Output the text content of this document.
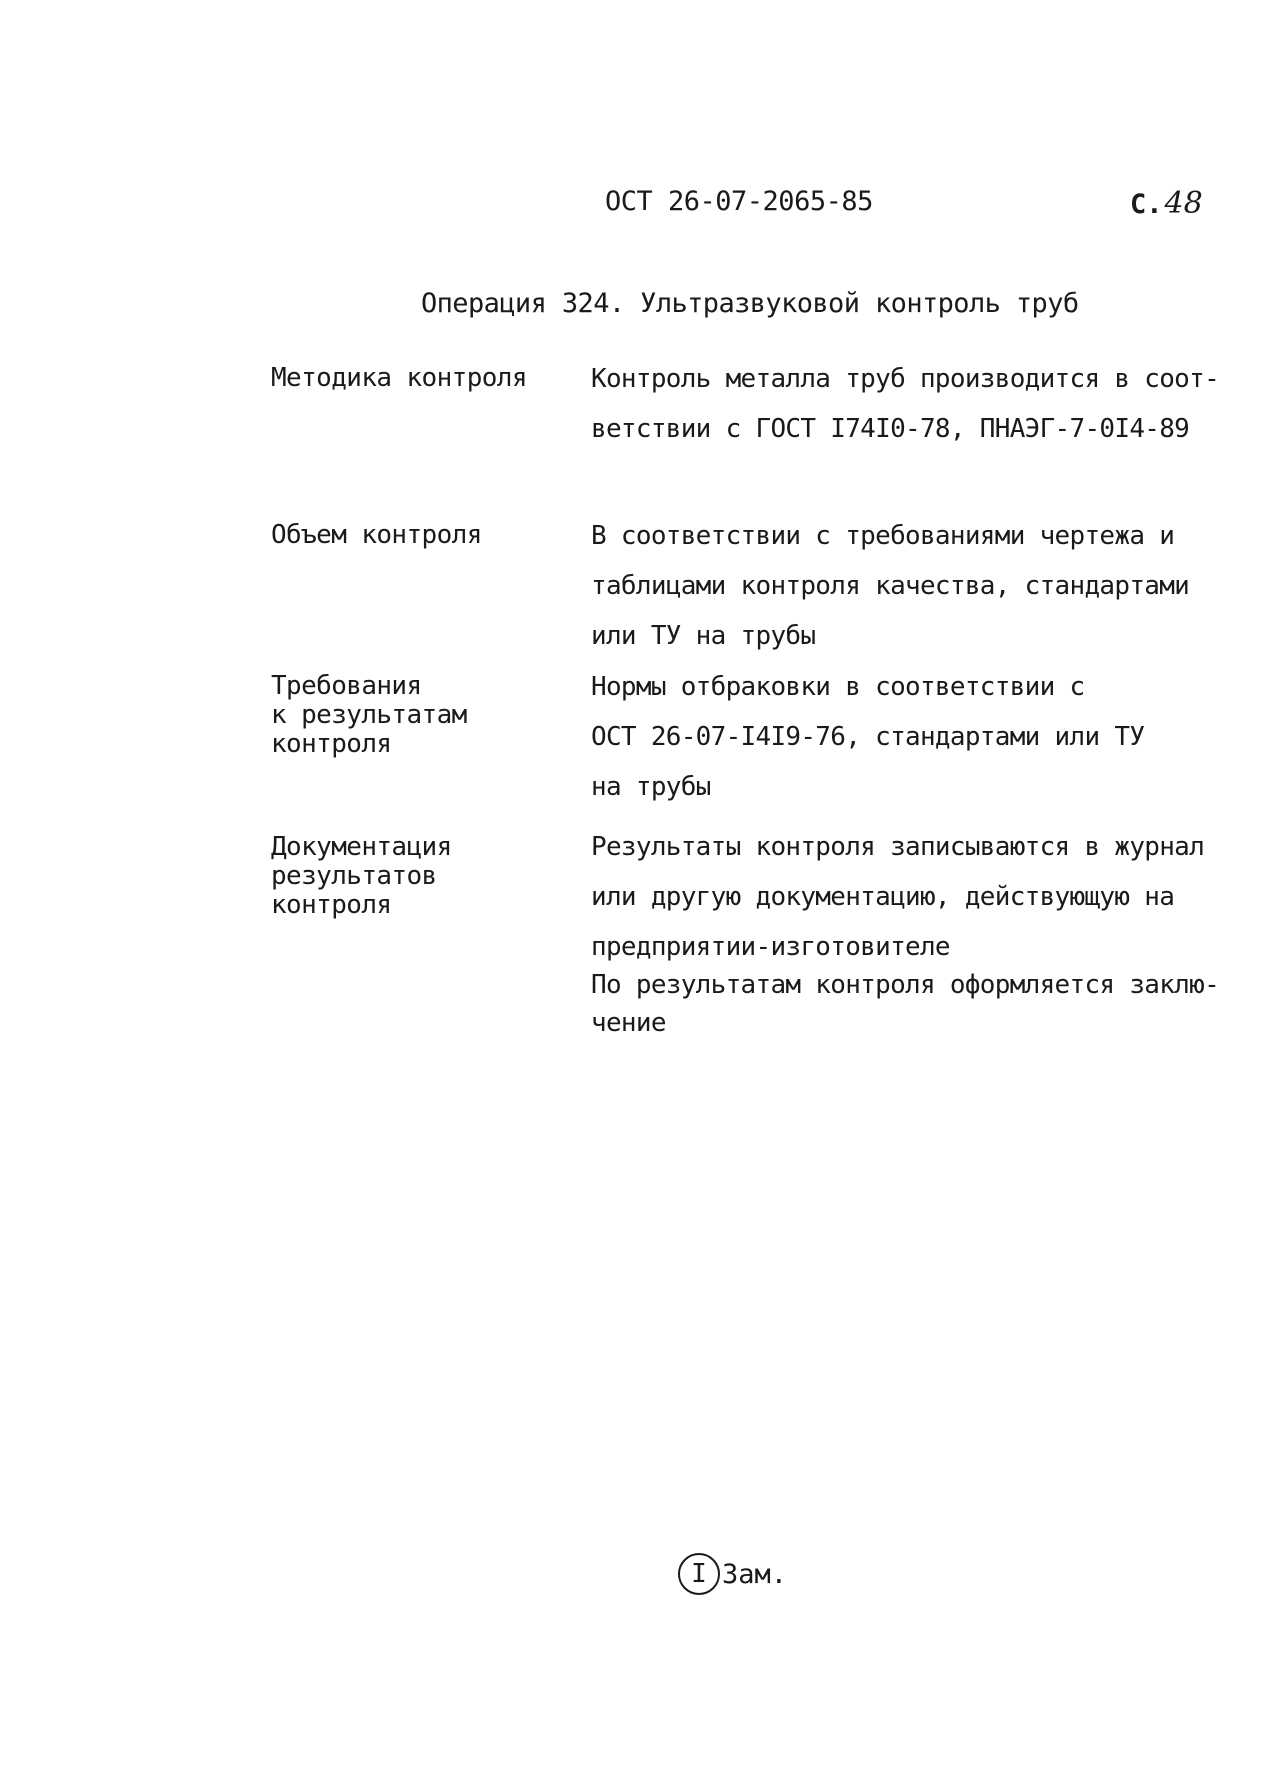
ОСТ 26-07-2065-85	С.48
Операция 324. Ультразвуковой контроль труб
Методика контроля Контроль металла труб производится в соот-
ветствии с ГОСТ I74I0-78, ПНАЭГ-7-0I4-89
Объем контроля	В соответствии с требованиями чертежа и
таблицами контроля качества, стандартами
или ТУ на трубы
Требования
к результатам
контроля
Нормы отбраковки в соответствии с
ОСТ 26-07-I4I9-76, стандартами или ТУ
на трубы
Документация
результатов
контроля
Результаты контроля записываются в журнал
или другую документацию, действующую на
предприятии-изготовителе
По результатам контроля оформляется заклю-
чение
I Зам.
